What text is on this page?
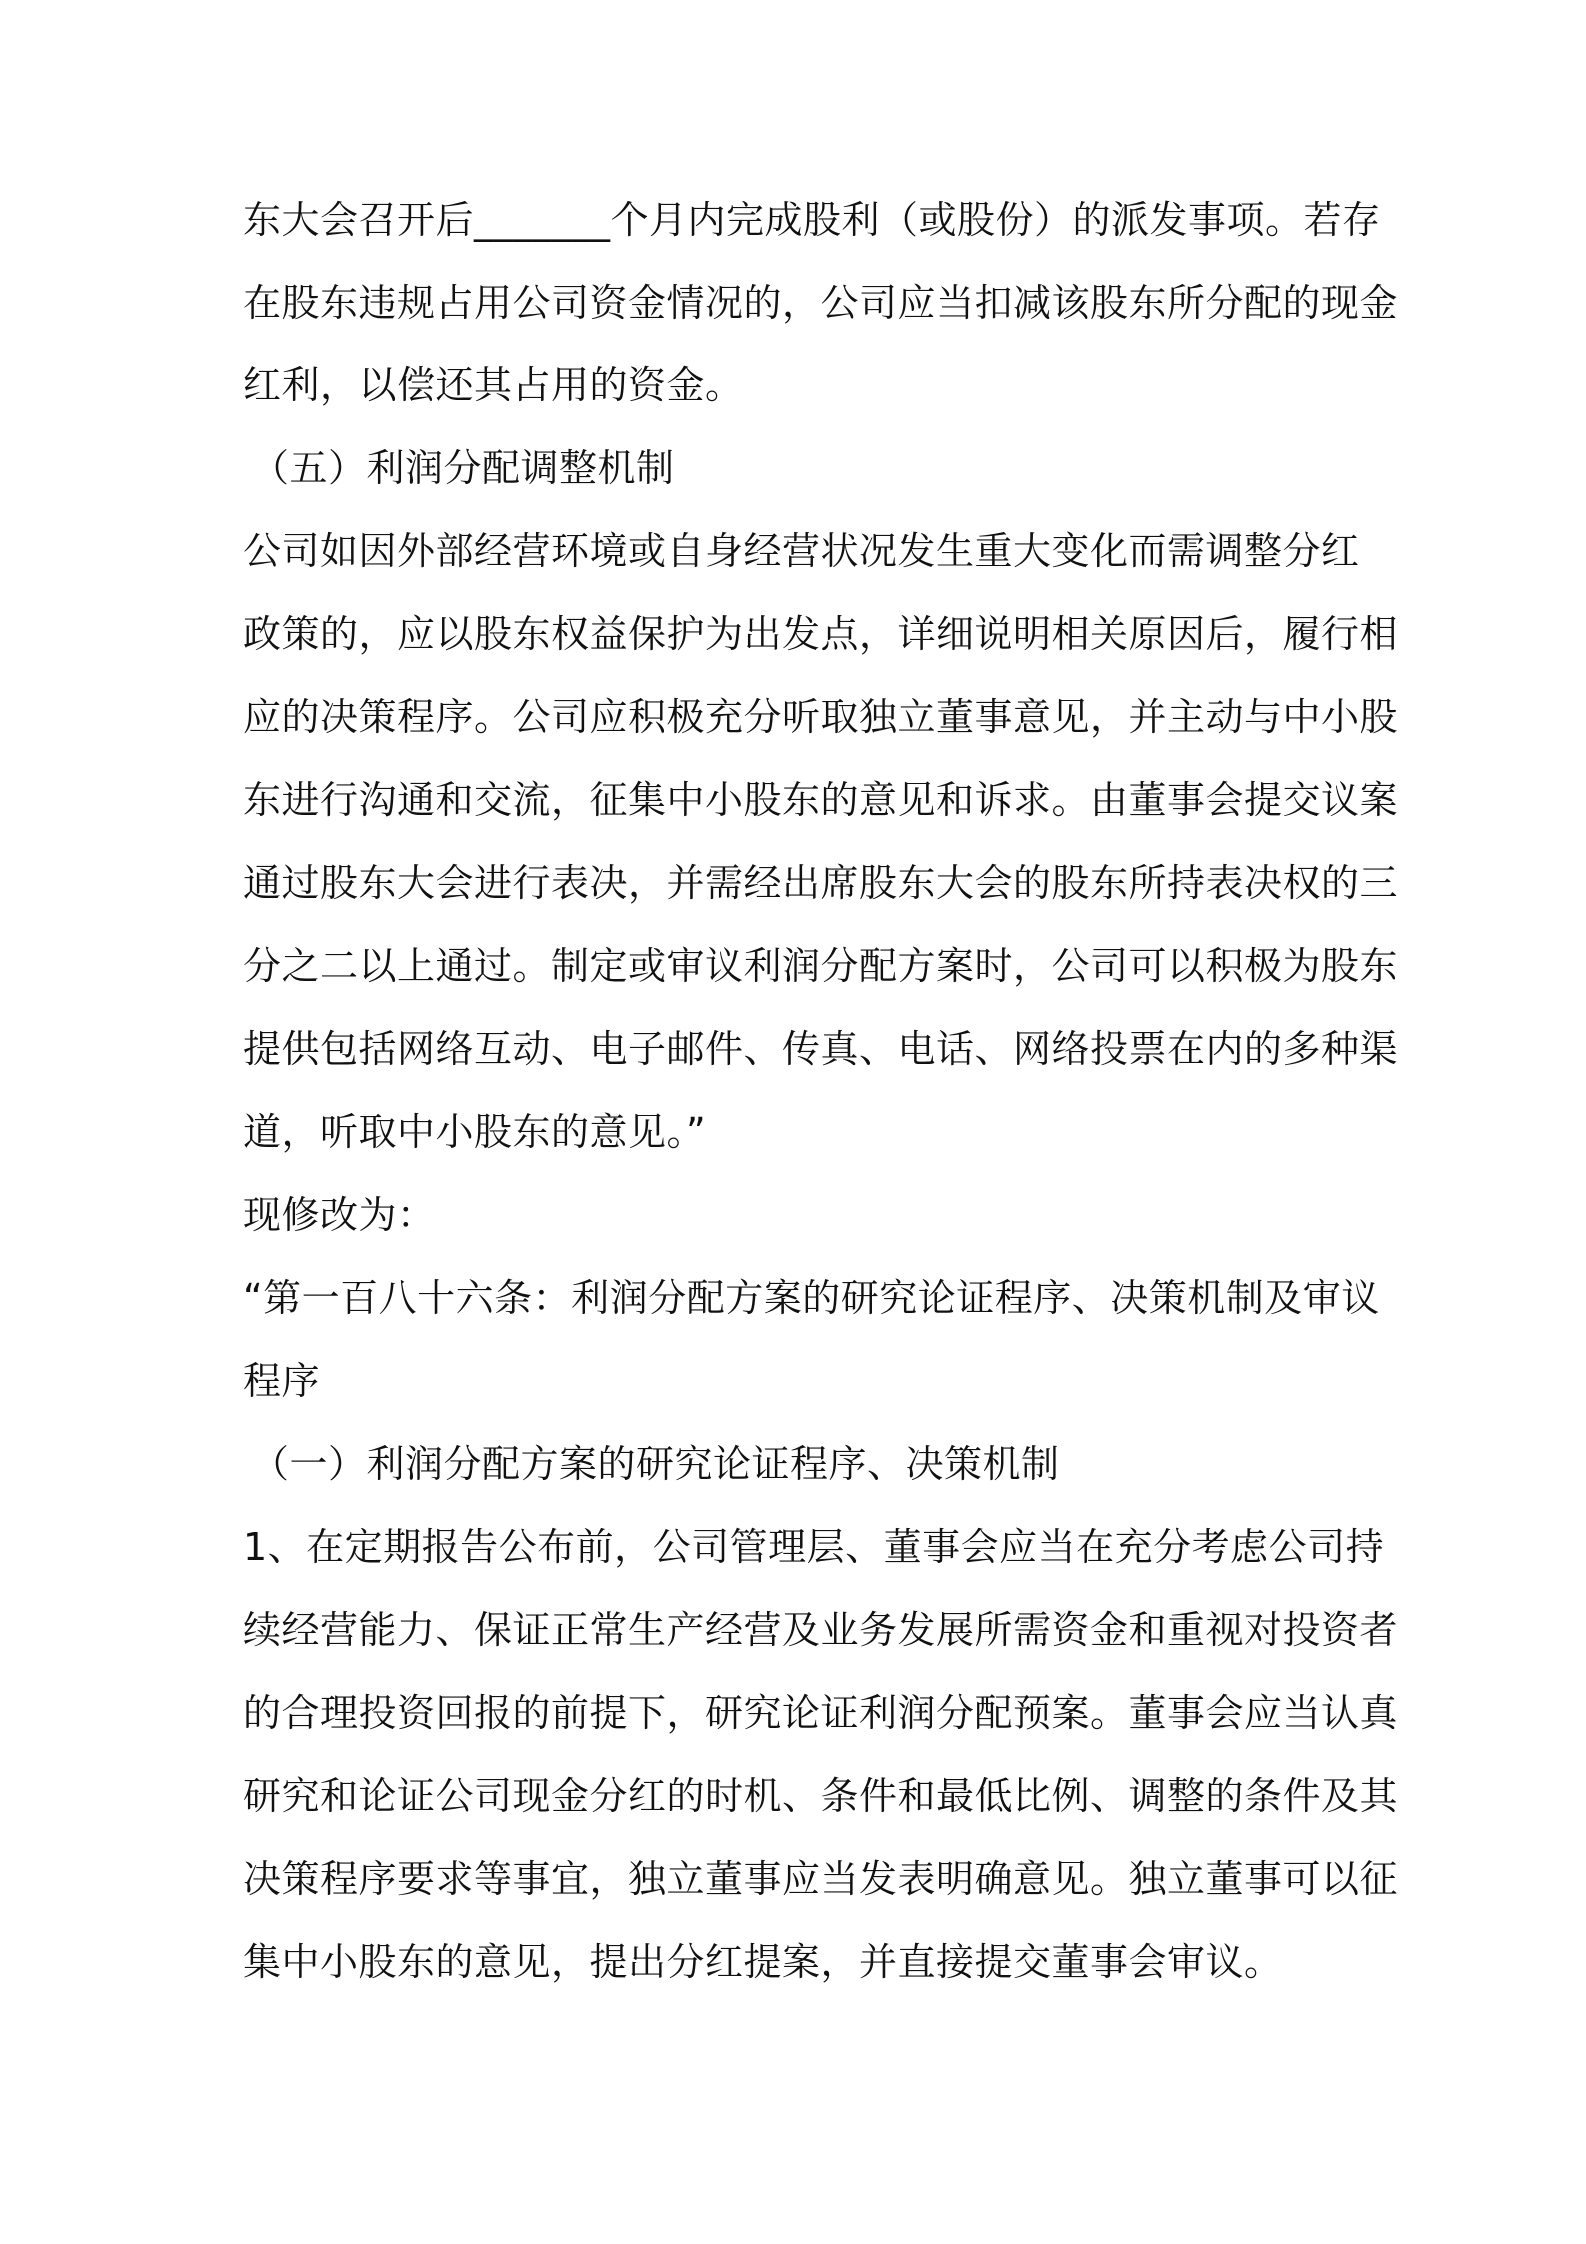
东大会召开后_______个月内完成股利（或股份）的派发事项。若存
在股东违规占用公司资金情况的，公司应当扣减该股东所分配的现金
红利，以偿还其占用的资金。
（五）利润分配调整机制
公司如因外部经营环境或自身经营状况发生重大变化而需调整分红
政策的，应以股东权益保护为出发点，详细说明相关原因后，履行相
应的决策程序。公司应积极充分听取独立董事意见，并主动与中小股
东进行沟通和交流，征集中小股东的意见和诉求。由董事会提交议案
通过股东大会进行表决，并需经出席股东大会的股东所持表决权的三
分之二以上通过。制定或审议利润分配方案时，公司可以积极为股东
提供包括网络互动、电子邮件、传真、电话、网络投票在内的多种渠
道，听取中小股东的意见。”
现修改为：
“第一百八十六条：利润分配方案的研究论证程序、决策机制及审议
程序
（一）利润分配方案的研究论证程序、决策机制
1、在定期报告公布前，公司管理层、董事会应当在充分考虑公司持
续经营能力、保证正常生产经营及业务发展所需资金和重视对投资者
的合理投资回报的前提下，研究论证利润分配预案。董事会应当认真
研究和论证公司现金分红的时机、条件和最低比例、调整的条件及其
决策程序要求等事宜，独立董事应当发表明确意见。独立董事可以征
集中小股东的意见，提出分红提案，并直接提交董事会审议。
